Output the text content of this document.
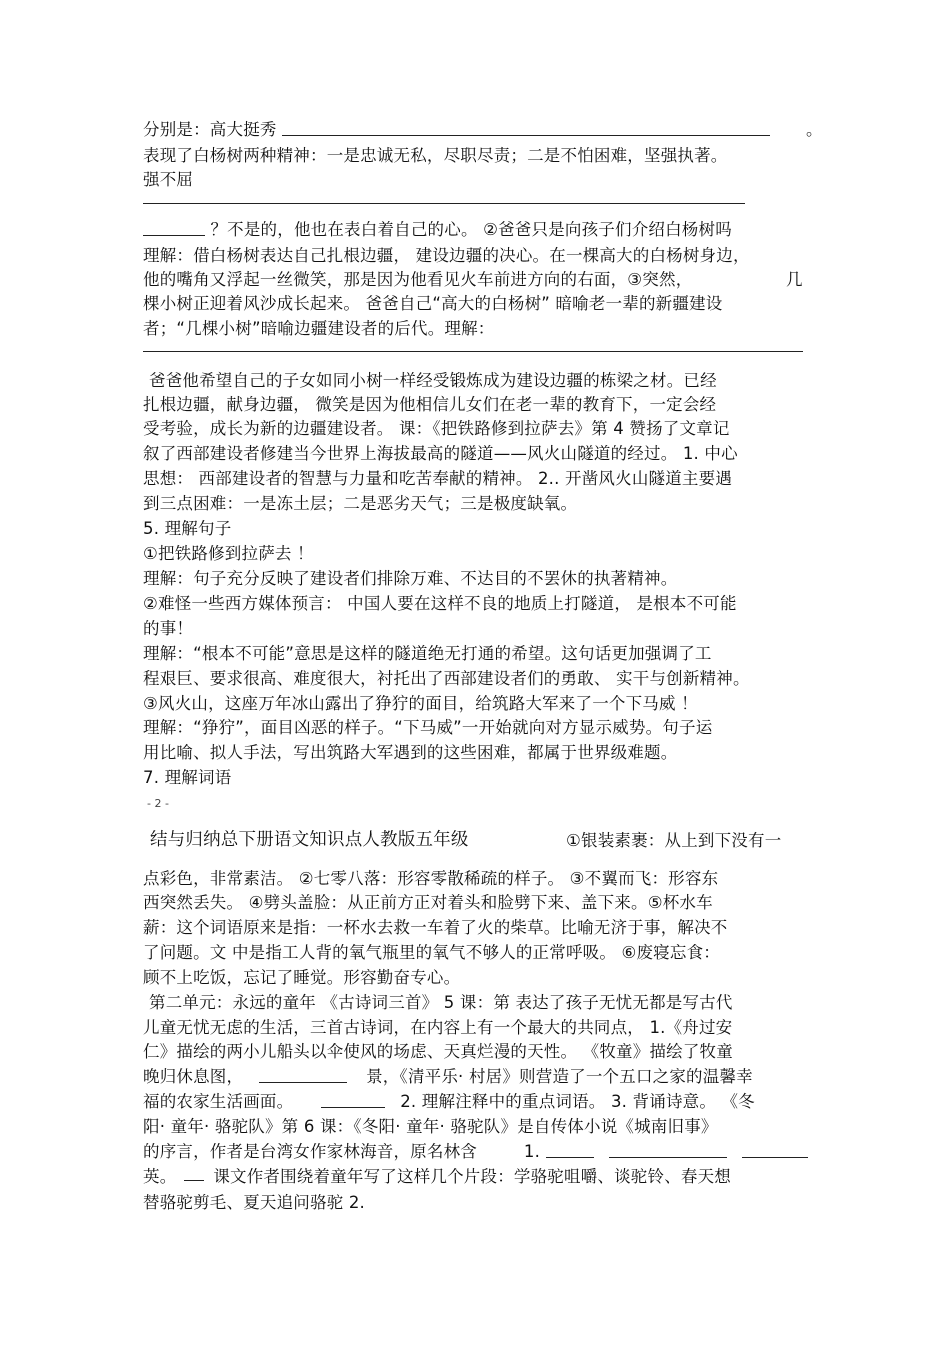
分别是：高大挺秀	。
表现了白杨树两种精神：一是忠诚无私，尽职尽责；二是不怕困难，坚强执著。
强不屈
？不是的，他也在表白着自己的心。 ②爸爸只是向孩子们介绍白杨树吗
理解：借白杨树表达自己扎根边疆， 建设边疆的决心。在一棵高大的白杨树身边，
他的嘴角又浮起一丝微笑，那是因为他看见火车前进方向的右面，③突然，	几
棵小树正迎着风沙成长起来。 爸爸自己“高大的白杨树” 暗喻老一辈的新疆建设
者；“几棵小树”暗喻边疆建设者的后代。理解：
爸爸他希望自己的子女如同小树一样经受锻炼成为建设边疆的栋梁之材。已经
扎根边疆，献身边疆， 微笑是因为他相信儿女们在老一辈的教育下，一定会经
受考验，成长为新的边疆建设者。 课：《把铁路修到拉萨去》第 4 赞扬了文章记
叙了西部建设者修建当今世界上海拔最高的隧道——风火山隧道的经过。 1. 中心
思想： 西部建设者的智慧与力量和吃苦奉献的精神。 2.. 开凿风火山隧道主要遇
到三点困难：一是冻土层；二是恶劣天气；三是极度缺氧。
5. 理解句子
①把铁路修到拉萨去 ！
理解：句子充分反映了建设者们排除万难、不达目的不罢休的执著精神。
②难怪一些西方媒体预言： 中国人要在这样不良的地质上打隧道， 是根本不可能
的事！
理解：“根本不可能”意思是这样的隧道绝无打通的希望。这句话更加强调了工
程艰巨、要求很高、难度很大，衬托出了西部建设者们的勇敢、 实干与创新精神。
③风火山，这座万年冰山露出了狰狞的面目，给筑路大军来了一个下马威 ！
理解：“狰狞”，面目凶恶的样子。“下马威”一开始就向对方显示威势。句子运
用比喻、拟人手法，写出筑路大军遇到的这些困难，都属于世界级难题。
7. 理解词语
- 2 -
结与归纳总下册语文知识点人教版五年级	①银装素裹：从上到下没有一
点彩色，非常素洁。 ②七零八落：形容零散稀疏的样子。 ③不翼而飞：形容东
西突然丢失。 ④劈头盖脸：从正前方正对着头和脸劈下来、盖下来。⑤杯水车
薪：这个词语原来是指：一杯水去救一车着了火的柴草。比喻无济于事，解决不
了问题。文 中是指工人背的氧气瓶里的氧气不够人的正常呼吸。 ⑥废寝忘食：
顾不上吃饭，忘记了睡觉。形容勤奋专心。
第二单元：永远的童年 《古诗词三首》 5 课：第 表达了孩子无忧无都是写古代
儿童无忧无虑的生活，三首古诗词，在内容上有一个最大的共同点， 1.《舟过安
仁》描绘的两小儿船头以伞使风的场虑、天真烂漫的天性。 《牧童》描绘了牧童
晚归休息图，	景，《清平乐· 村居》则营造了一个五口之家的温馨幸
福的农家生活画面。	2. 理解注释中的重点词语。 3. 背诵诗意。 《冬
阳· 童年· 骆驼队》第 6 课：《冬阳· 童年· 骆驼队》是自传体小说《城南旧事》
的序言，作者是台湾女作家林海音，原名林含	1.
英。 课文作者围绕着童年写了这样几个片段：学骆驼咀嚼、谈驼铃、春天想
替骆驼剪毛、夏天追问骆驼 2.
